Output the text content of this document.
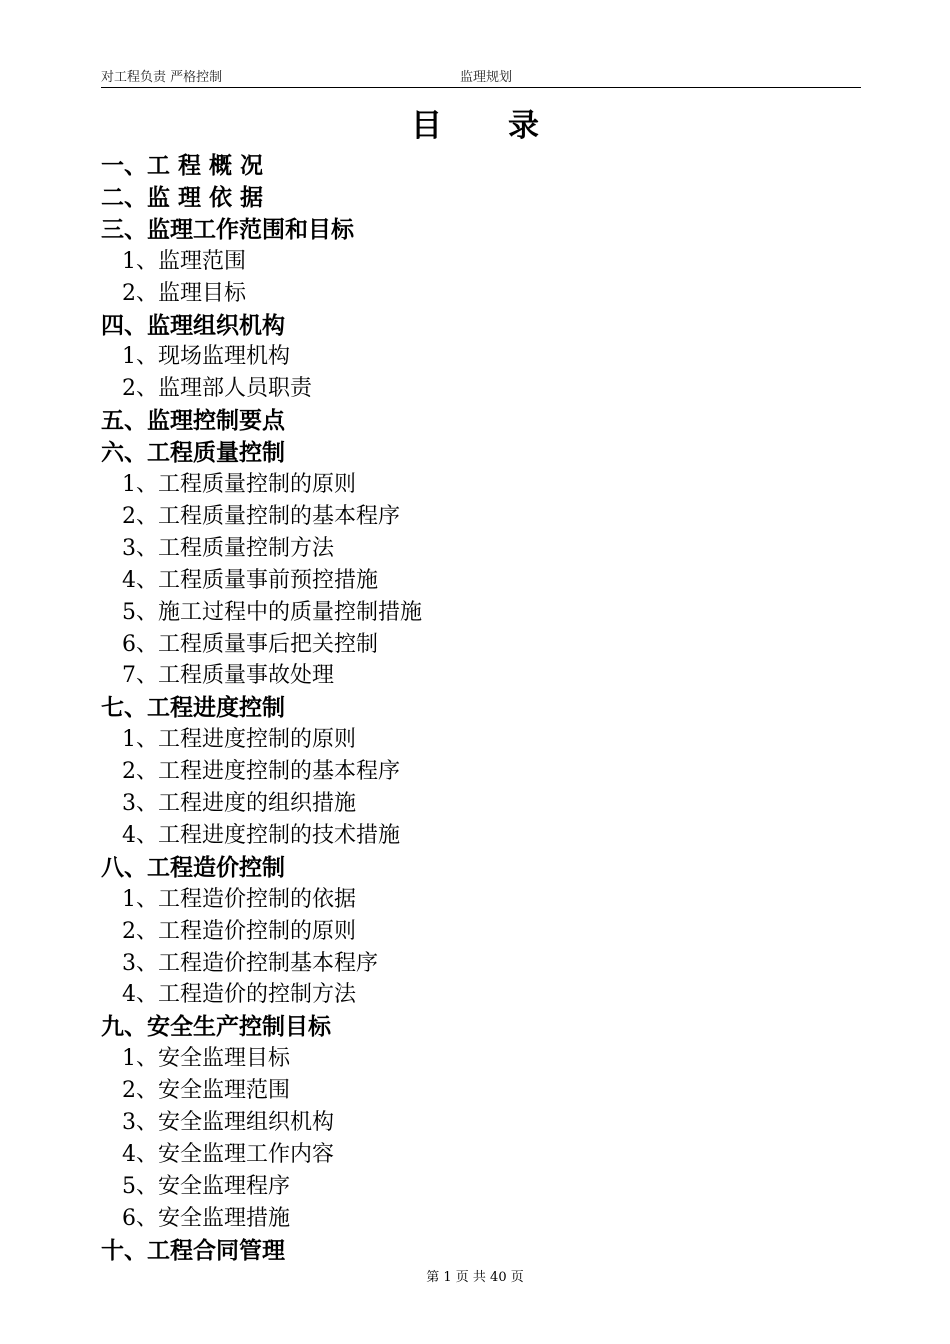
对工程负责 严格控制	监理规划
目录
一、工 程 概 况
二、监 理 依 据
三、监理工作范围和目标
1、监理范围
2、监理目标
四、监理组织机构
1、现场监理机构
2、监理部人员职责
五、监理控制要点
六、工程质量控制
1、工程质量控制的原则
2、工程质量控制的基本程序
3、工程质量控制方法
4、工程质量事前预控措施
5、施工过程中的质量控制措施
6、工程质量事后把关控制
7、工程质量事故处理
七、工程进度控制
1、工程进度控制的原则
2、工程进度控制的基本程序
3、工程进度的组织措施
4、工程进度控制的技术措施
八、工程造价控制
1、工程造价控制的依据
2、工程造价控制的原则
3、工程造价控制基本程序
4、工程造价的控制方法
九、安全生产控制目标
1、安全监理目标
2、安全监理范围
3、安全监理组织机构
4、安全监理工作内容
5、安全监理程序
6、安全监理措施
十、工程合同管理
第 1 页 共 40 页
